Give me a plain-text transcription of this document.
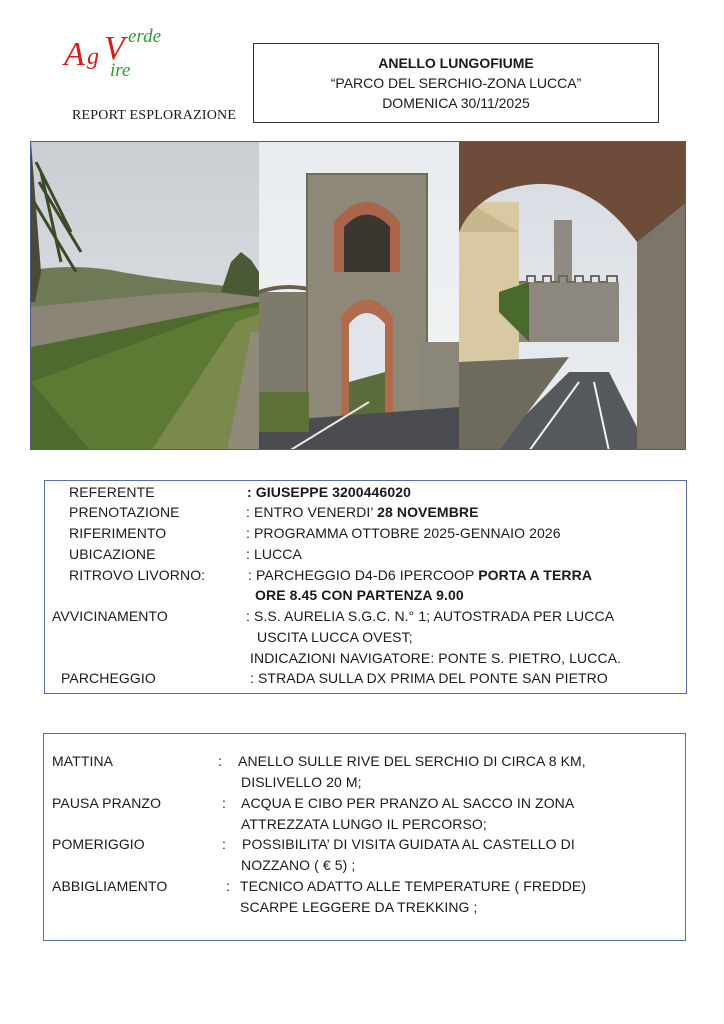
A g V erde
ire
REPORT ESPLORAZIONE
ANELLO LUNGOFIUME
“PARCO DEL SERCHIO-ZONA LUCCA”
DOMENICA 30/11/2025
REFERENTE	: GIUSEPPE 3200446020
PRENOTAZIONE	: ENTRO VENERDI’ 28 NOVEMBRE
RIFERIMENTO	: PROGRAMMA OTTOBRE 2025-GENNAIO 2026
UBICAZIONE	: LUCCA
RITROVO LIVORNO:	: PARCHEGGIO D4-D6 IPERCOOP PORTA A TERRA
ORE 8.45 CON PARTENZA 9.00
AVVICINAMENTO	: S.S. AURELIA S.G.C. N.° 1; AUTOSTRADA PER LUCCA
USCITA LUCCA OVEST;
INDICAZIONI NAVIGATORE: PONTE S. PIETRO, LUCCA.
PARCHEGGIO	: STRADA SULLA DX PRIMA DEL PONTE SAN PIETRO
MATTINA	: ANELLO SULLE RIVE DEL SERCHIO DI CIRCA 8 KM,
DISLIVELLO 20 M;
PAUSA PRANZO	: ACQUA E CIBO PER PRANZO AL SACCO IN ZONA
ATTREZZATA LUNGO IL PERCORSO;
POMERIGGIO	: POSSIBILITA’ DI VISITA GUIDATA AL CASTELLO DI
NOZZANO ( € 5) ;
ABBIGLIAMENTO	: TECNICO ADATTO ALLE TEMPERATURE ( FREDDE)
SCARPE LEGGERE DA TREKKING ;
